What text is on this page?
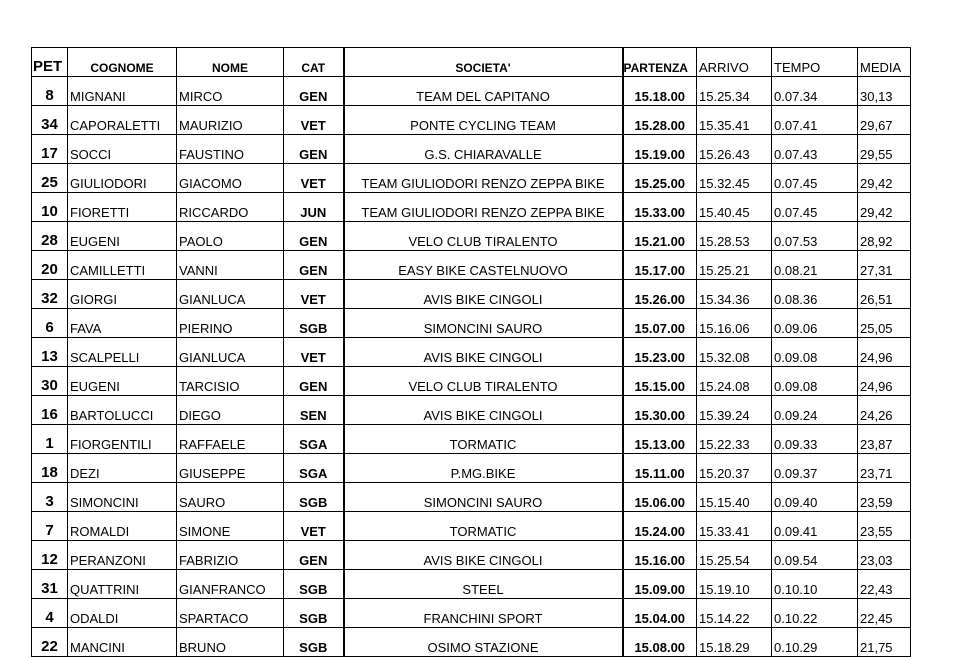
PET	COGNOME	NOME	CAT	SOCIETA'	PARTENZA	ARRIVO	TEMPO	MEDIA
8	MIGNANI	MIRCO	GEN	TEAM DEL CAPITANO	15.18.00	15.25.34	0.07.34	30,13
34	CAPORALETTI	MAURIZIO	VET	PONTE CYCLING TEAM	15.28.00	15.35.41	0.07.41	29,67
17	SOCCI	FAUSTINO	GEN	G.S. CHIARAVALLE	15.19.00	15.26.43	0.07.43	29,55
25	GIULIODORI	GIACOMO	VET	TEAM GIULIODORI RENZO ZEPPA BIKE	15.25.00	15.32.45	0.07.45	29,42
10	FIORETTI	RICCARDO	JUN	TEAM GIULIODORI RENZO ZEPPA BIKE	15.33.00	15.40.45	0.07.45	29,42
28	EUGENI	PAOLO	GEN	VELO CLUB TIRALENTO	15.21.00	15.28.53	0.07.53	28,92
20	CAMILLETTI	VANNI	GEN	EASY BIKE CASTELNUOVO	15.17.00	15.25.21	0.08.21	27,31
32	GIORGI	GIANLUCA	VET	AVIS BIKE CINGOLI	15.26.00	15.34.36	0.08.36	26,51
6	FAVA	PIERINO	SGB	SIMONCINI SAURO	15.07.00	15.16.06	0.09.06	25,05
13	SCALPELLI	GIANLUCA	VET	AVIS BIKE CINGOLI	15.23.00	15.32.08	0.09.08	24,96
30	EUGENI	TARCISIO	GEN	VELO CLUB TIRALENTO	15.15.00	15.24.08	0.09.08	24,96
16	BARTOLUCCI	DIEGO	SEN	AVIS BIKE CINGOLI	15.30.00	15.39.24	0.09.24	24,26
1	FIORGENTILI	RAFFAELE	SGA	TORMATIC	15.13.00	15.22.33	0.09.33	23,87
18	DEZI	GIUSEPPE	SGA	P.MG.BIKE	15.11.00	15.20.37	0.09.37	23,71
3	SIMONCINI	SAURO	SGB	SIMONCINI SAURO	15.06.00	15.15.40	0.09.40	23,59
7	ROMALDI	SIMONE	VET	TORMATIC	15.24.00	15.33.41	0.09.41	23,55
12	PERANZONI	FABRIZIO	GEN	AVIS BIKE CINGOLI	15.16.00	15.25.54	0.09.54	23,03
31	QUATTRINI	GIANFRANCO	SGB	STEEL	15.09.00	15.19.10	0.10.10	22,43
4	ODALDI	SPARTACO	SGB	FRANCHINI SPORT	15.04.00	15.14.22	0.10.22	22,45
22	MANCINI	BRUNO	SGB	OSIMO STAZIONE	15.08.00	15.18.29	0.10.29	21,75
